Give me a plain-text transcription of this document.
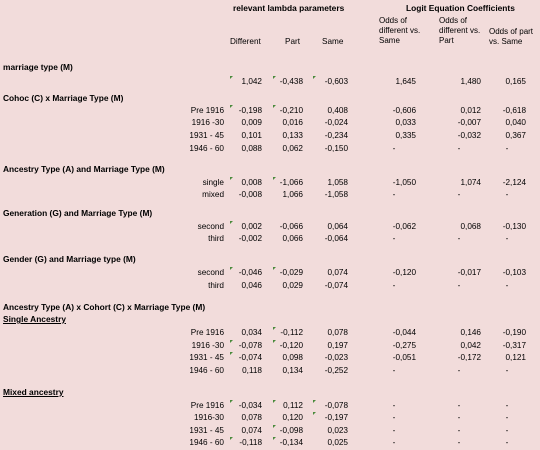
relevant lambda parameters	Logit Equation Coefficients
Different	Part	Same
Odds of
different vs.
Same
Odds of
different vs.
Part
Odds of part
vs. Same
marriage type (M)
1,042	-0,438	-0,603	1,645	1,480	0,165
Cohoc (C) x Marriage Type (M)
Pre 1916	-0,198	-0,210	0,408	-0,606	0,012	-0,618
1916 -30	0,009	0,016	-0,024	0,033	-0,007	0,040
1931 - 45	0,101	0,133	-0,234	0,335	-0,032	0,367
1946 - 60	0,088	0,062	-0,150	-	-	-
Ancestry Type (A) and Marriage Type (M)
single	0,008	-1,066	1,058	-1,050	1,074	-2,124
mixed	-0,008	1,066	-1,058	-	-	-
Generation (G) and Marriage Type (M)
second	0,002	-0,066	0,064	-0,062	0,068	-0,130
third	-0,002	0,066	-0,064	-	-	-
Gender (G) and Marriage type (M)
second	-0,046	-0,029	0,074	-0,120	-0,017	-0,103
third	0,046	0,029	-0,074	-	-	-
Ancestry Type (A) x Cohort (C) x Marriage Type (M)
Single Ancestry
Pre 1916	0,034	-0,112	0,078	-0,044	0,146	-0,190
1916 -30	-0,078	-0,120	0,197	-0,275	0,042	-0,317
1931 - 45	-0,074	0,098	-0,023	-0,051	-0,172	0,121
1946 - 60	0,118	0,134	-0,252	-	-	-
Mixed ancestry
Pre 1916	-0,034	0,112	-0,078	-	-	-
1916-30	0,078	0,120	-0,197	-	-	-
1931 - 45	0,074	-0,098	0,023	-	-	-
1946 - 60	-0,118	-0,134	0,025	-	-	-
